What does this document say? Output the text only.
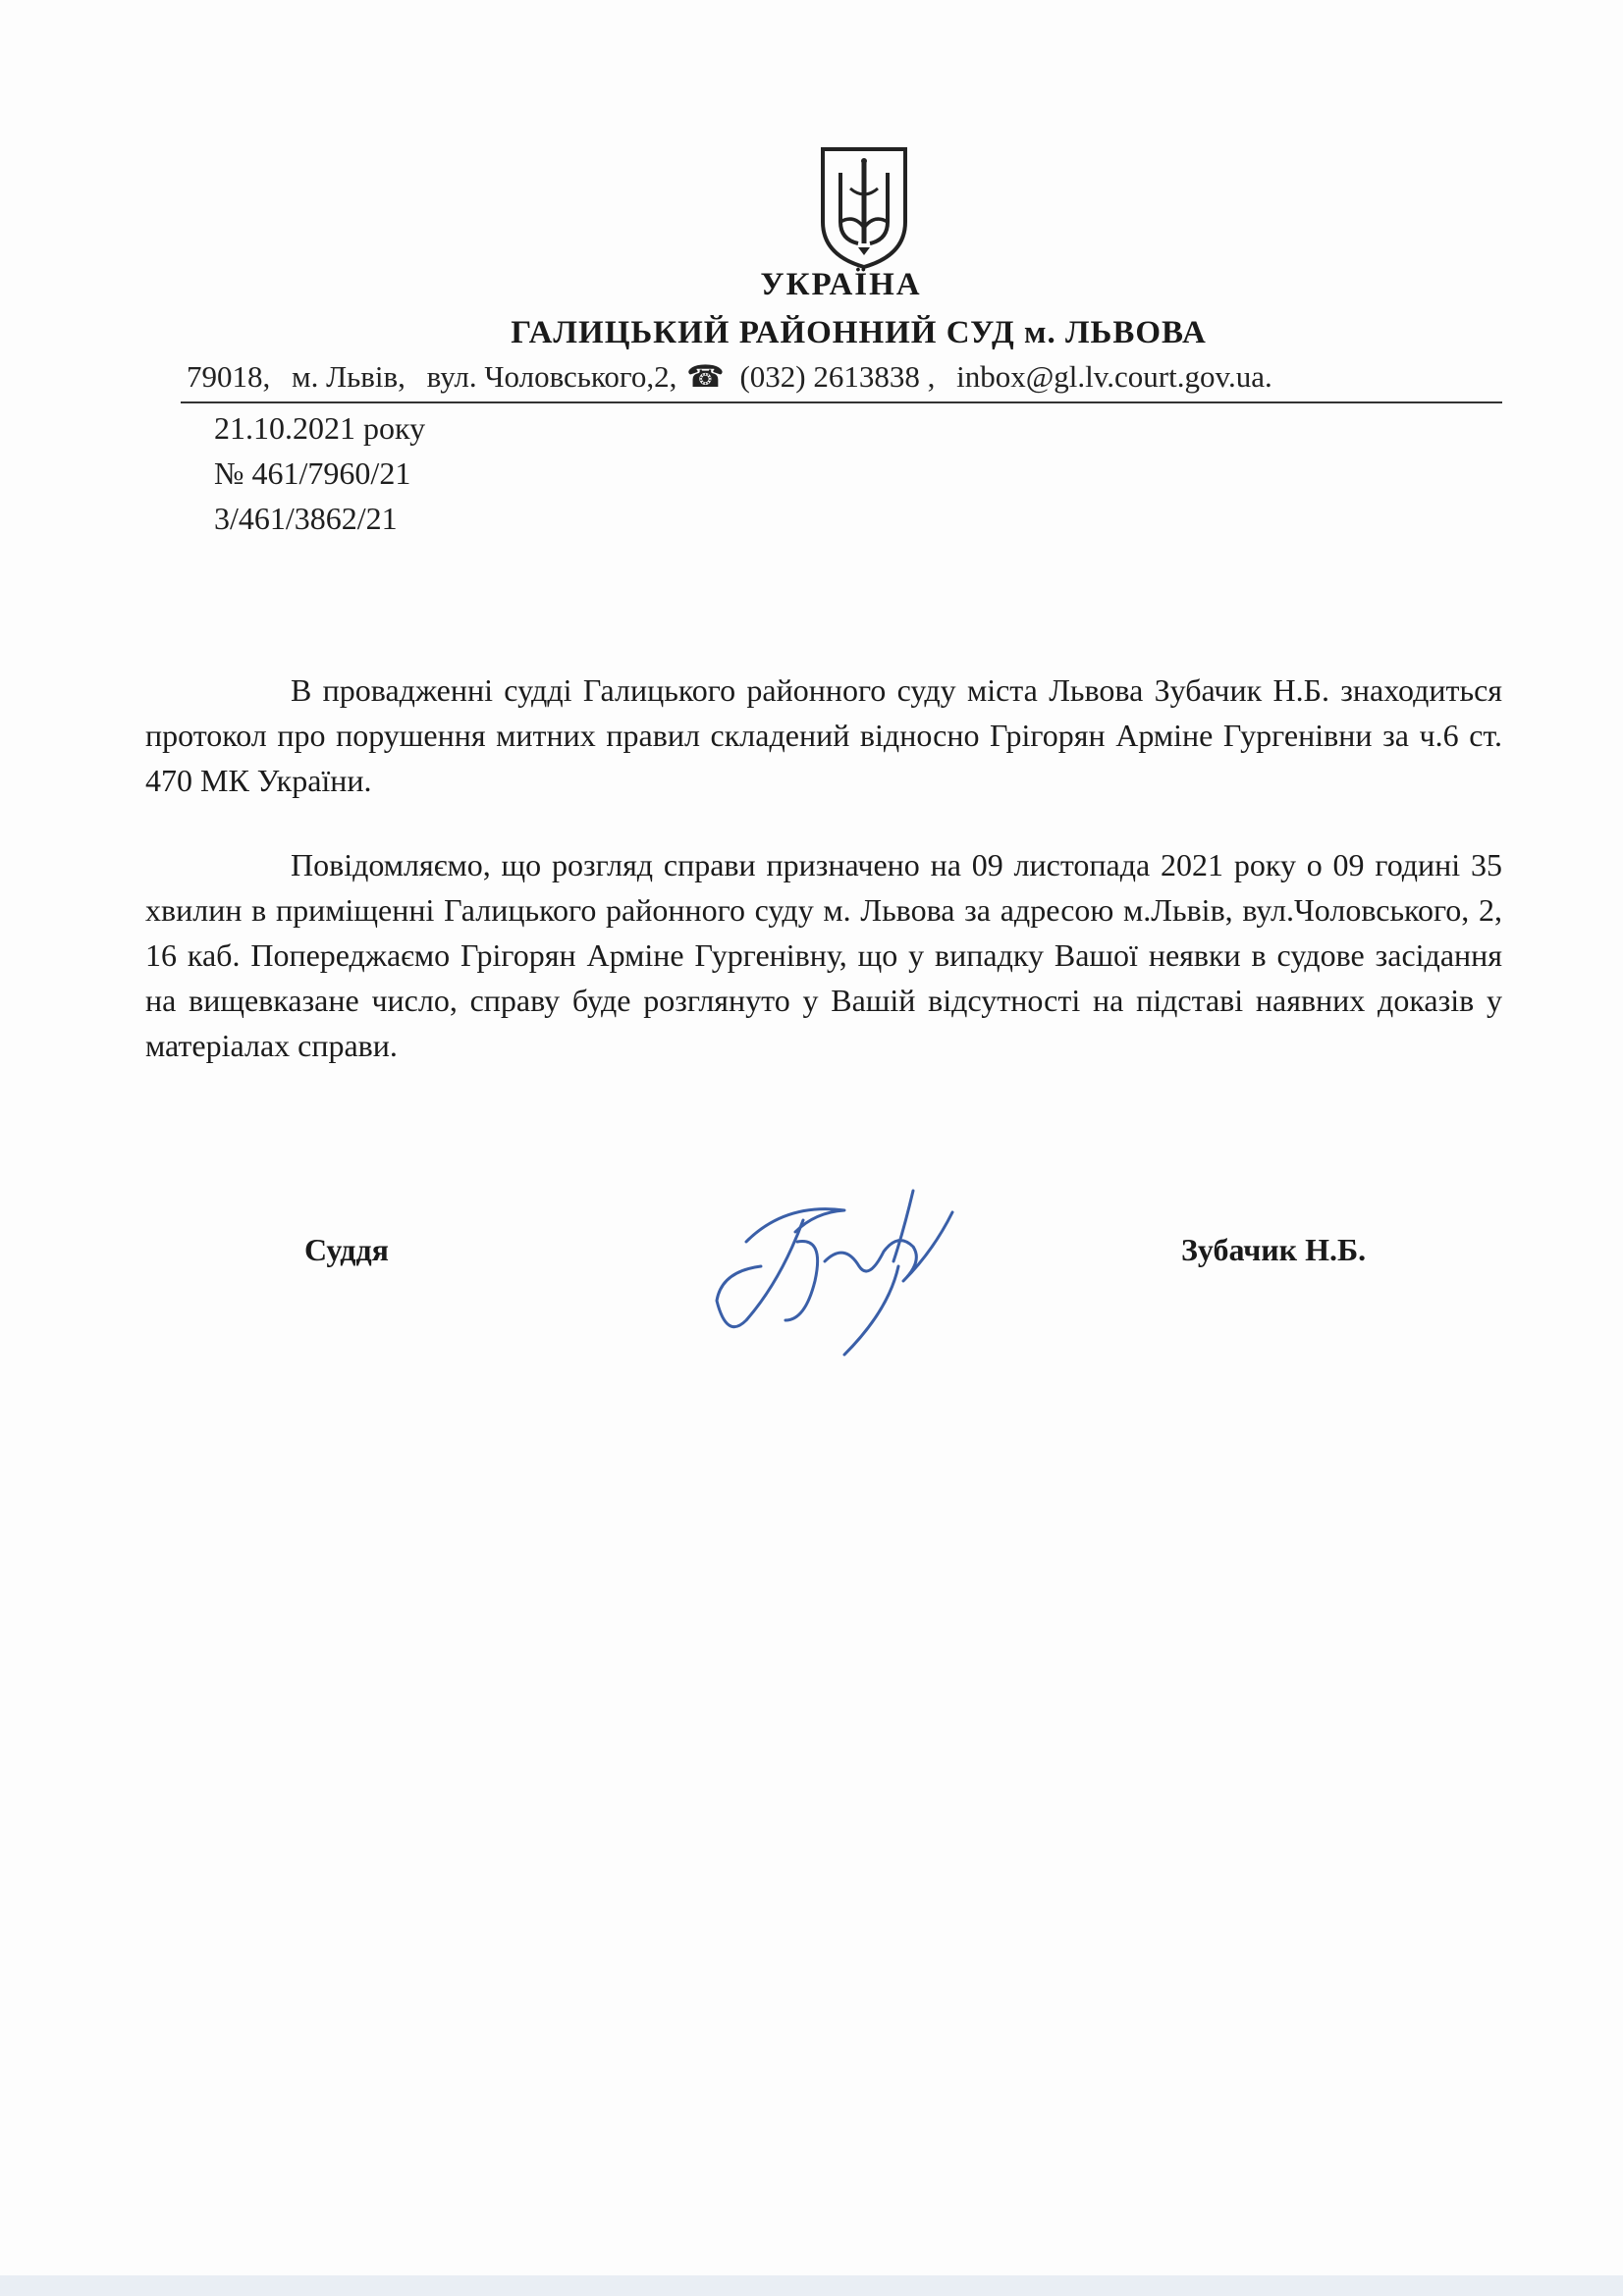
УКРАЇНА
ГАЛИЦЬКИЙ РАЙОННИЙ СУД м. ЛЬВОВА
79018, м. Львів, вул. Чоловського,2, ☎ (032) 2613838 , inbox@gl.lv.court.gov.ua.
21.10.2021 року
№ 461/7960/21
3/461/3862/21
В провадженні судді Галицького районного суду міста Львова Зубачик Н.Б. знаходиться протокол про порушення митних правил складений відносно Грігорян Арміне Гургенівни за ч.6 ст. 470 МК України.
Повідомляємо, що розгляд справи призначено на 09 листопада 2021 року о 09 годині 35 хвилин в приміщенні Галицького районного суду м. Львова за адресою м.Львів, вул.Чоловського, 2, 16 каб. Попереджаємо Грігорян Арміне Гургенівну, що у випадку Вашої неявки в судове засідання на вищевказане число, справу буде розглянуто у Вашій відсутності на підставі наявних доказів у матеріалах справи.
Суддя	Зубачик Н.Б.
